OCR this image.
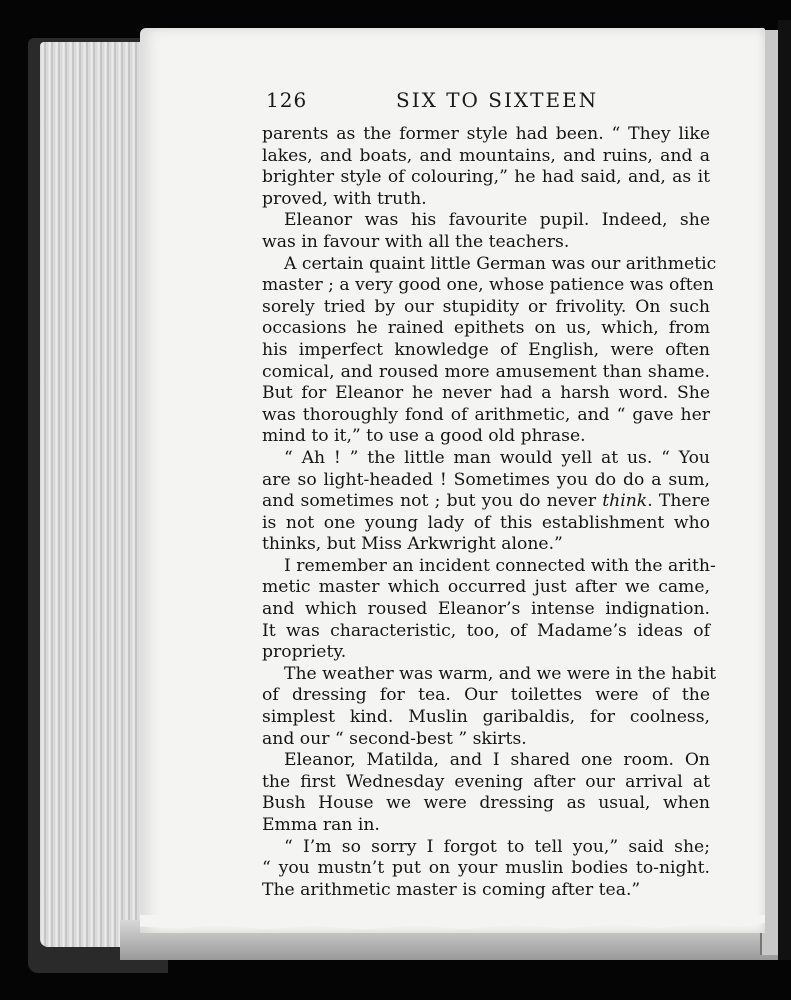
126	SIX TO SIXTEEN
parents as the former style had been. “ They like
lakes, and boats, and mountains, and ruins, and a
brighter style of colouring,” he had said, and, as it
proved, with truth.
Eleanor was his favourite pupil. Indeed, she
was in favour with all the teachers.
A certain quaint little German was our arithmetic
master ; a very good one, whose patience was often
sorely tried by our stupidity or frivolity. On such
occasions he rained epithets on us, which, from
his imperfect knowledge of English, were often
comical, and roused more amusement than shame.
But for Eleanor he never had a harsh word. She
was thoroughly fond of arithmetic, and “ gave her
mind to it,” to use a good old phrase.
“ Ah ! ” the little man would yell at us. “ You
are so light-headed ! Sometimes you do do a sum,
and sometimes not ; but you do never think. There
is not one young lady of this establishment who
thinks, but Miss Arkwright alone.”
I remember an incident connected with the arith-
metic master which occurred just after we came,
and which roused Eleanor’s intense indignation.
It was characteristic, too, of Madame’s ideas of
propriety.
The weather was warm, and we were in the habit
of dressing for tea. Our toilettes were of the
simplest kind. Muslin garibaldis, for coolness,
and our “ second-best ” skirts.
Eleanor, Matilda, and I shared one room. On
the first Wednesday evening after our arrival at
Bush House we were dressing as usual, when
Emma ran in.
“ I’m so sorry I forgot to tell you,” said she;
“ you mustn’t put on your muslin bodies to-night.
The arithmetic master is coming after tea.”
